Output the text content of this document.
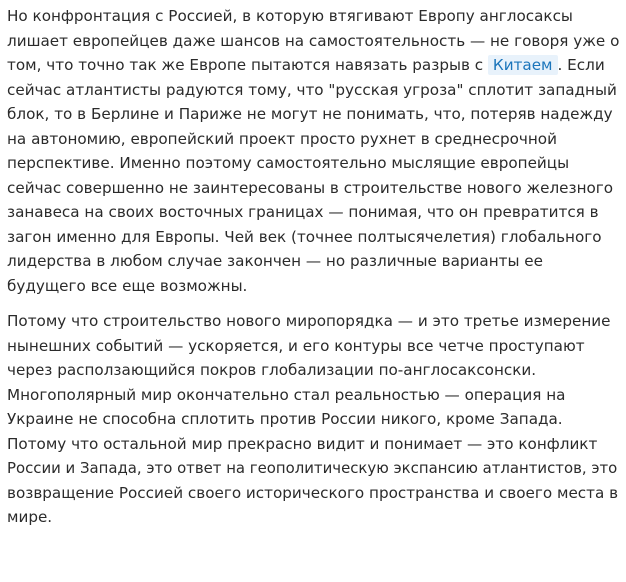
Но конфронтация с Россией, в которую втягивают Европу англосаксы
лишает европейцев даже шансов на самостоятельность — не говоря уже о
том, что точно так же Европе пытаются навязать разрыв с Китаем . Если
сейчас атлантисты радуются тому, что "русская угроза" сплотит западный
блок, то в Берлине и Париже не могут не понимать, что, потеряв надежду
на автономию, европейский проект просто рухнет в среднесрочной
перспективе. Именно поэтому самостоятельно мыслящие европейцы
сейчас совершенно не заинтересованы в строительстве нового железного
занавеса на своих восточных границах — понимая, что он превратится в
загон именно для Европы. Чей век (точнее полтысячелетия) глобального
лидерства в любом случае закончен — но различные варианты ее
будущего все еще возможны.

Потому что строительство нового миропорядка — и это третье измерение
нынешних событий — ускоряется, и его контуры все четче проступают
через расползающийся покров глобализации по-англосаксонски.
Многополярный мир окончательно стал реальностью — операция на
Украине не способна сплотить против России никого, кроме Запада.
Потому что остальной мир прекрасно видит и понимает — это конфликт
России и Запада, это ответ на геополитическую экспансию атлантистов, это
возвращение Россией своего исторического пространства и своего места в
мире.
